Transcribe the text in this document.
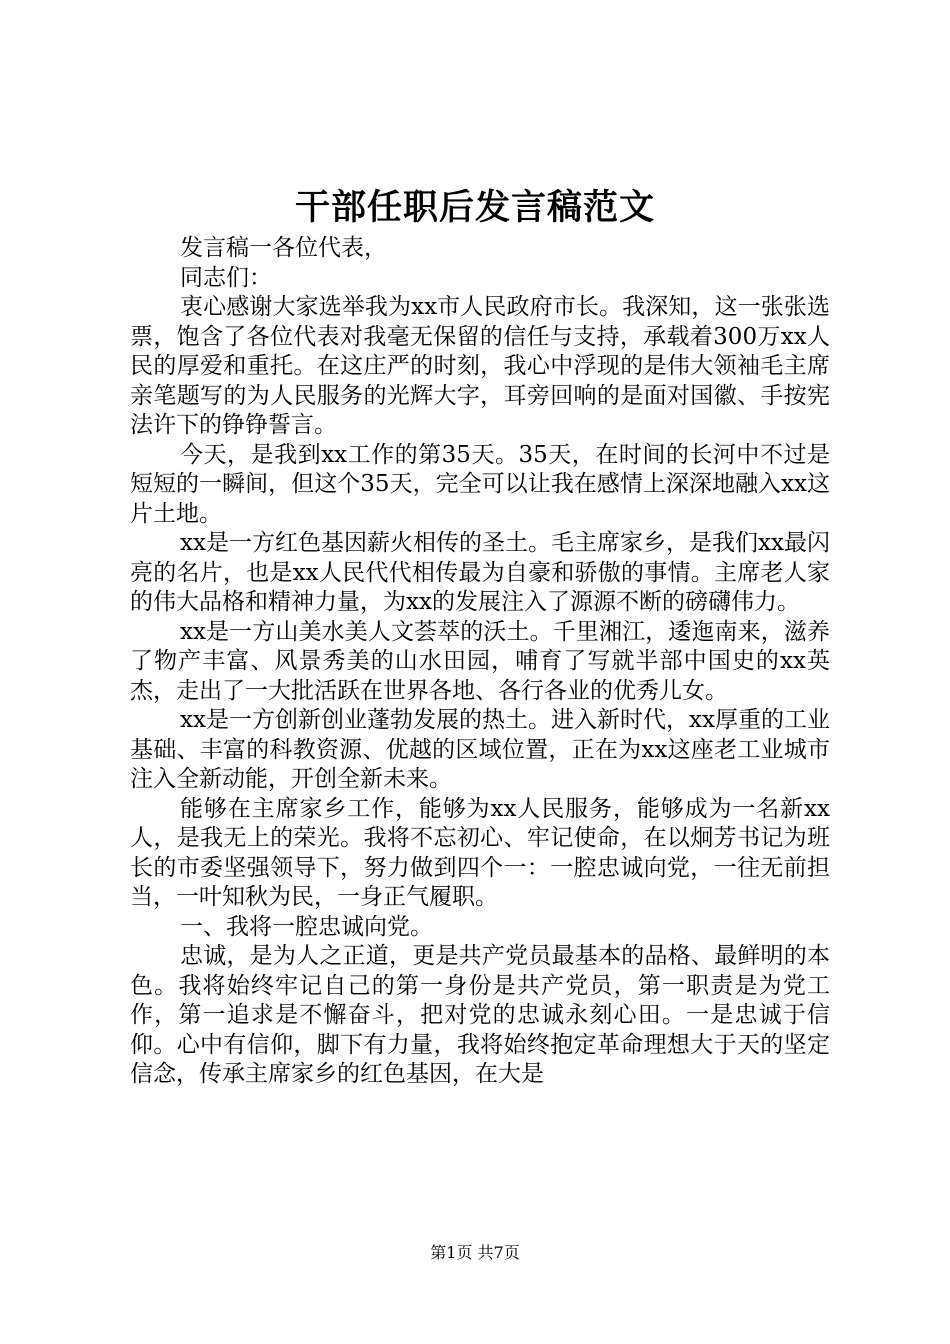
干部任职后发言稿范文

发言稿一各位代表，

同志们：

衷心感谢大家选举我为xx市人民政府市长。我深知，这一张张选票，饱含了各位代表对我毫无保留的信任与支持，承载着300万xx人民的厚爱和重托。在这庄严的时刻，我心中浮现的是伟大领袖毛主席亲笔题写的为人民服务的光辉大字，耳旁回响的是面对国徽、手按宪法许下的铮铮誓言。

今天，是我到xx工作的第35天。35天，在时间的长河中不过是短短的一瞬间，但这个35天，完全可以让我在感情上深深地融入xx这片土地。

xx是一方红色基因薪火相传的圣土。毛主席家乡，是我们xx最闪亮的名片，也是xx人民代代相传最为自豪和骄傲的事情。主席老人家的伟大品格和精神力量，为xx的发展注入了源源不断的磅礴伟力。

xx是一方山美水美人文荟萃的沃土。千里湘江，逶迤南来，滋养了物产丰富、风景秀美的山水田园，哺育了写就半部中国史的xx英杰，走出了一大批活跃在世界各地、各行各业的优秀儿女。

xx是一方创新创业蓬勃发展的热土。进入新时代，xx厚重的工业基础、丰富的科教资源、优越的区域位置，正在为xx这座老工业城市注入全新动能，开创全新未来。

能够在主席家乡工作，能够为xx人民服务，能够成为一名新xx人，是我无上的荣光。我将不忘初心、牢记使命，在以炯芳书记为班长的市委坚强领导下，努力做到四个一：一腔忠诚向党，一往无前担当，一叶知秋为民，一身正气履职。

一、我将一腔忠诚向党。

忠诚，是为人之正道，更是共产党员最基本的品格、最鲜明的本色。我将始终牢记自己的第一身份是共产党员，第一职责是为党工作，第一追求是不懈奋斗，把对党的忠诚永刻心田。一是忠诚于信仰。心中有信仰，脚下有力量，我将始终抱定革命理想大于天的坚定信念，传承主席家乡的红色基因，在大是

第1页 共7页
